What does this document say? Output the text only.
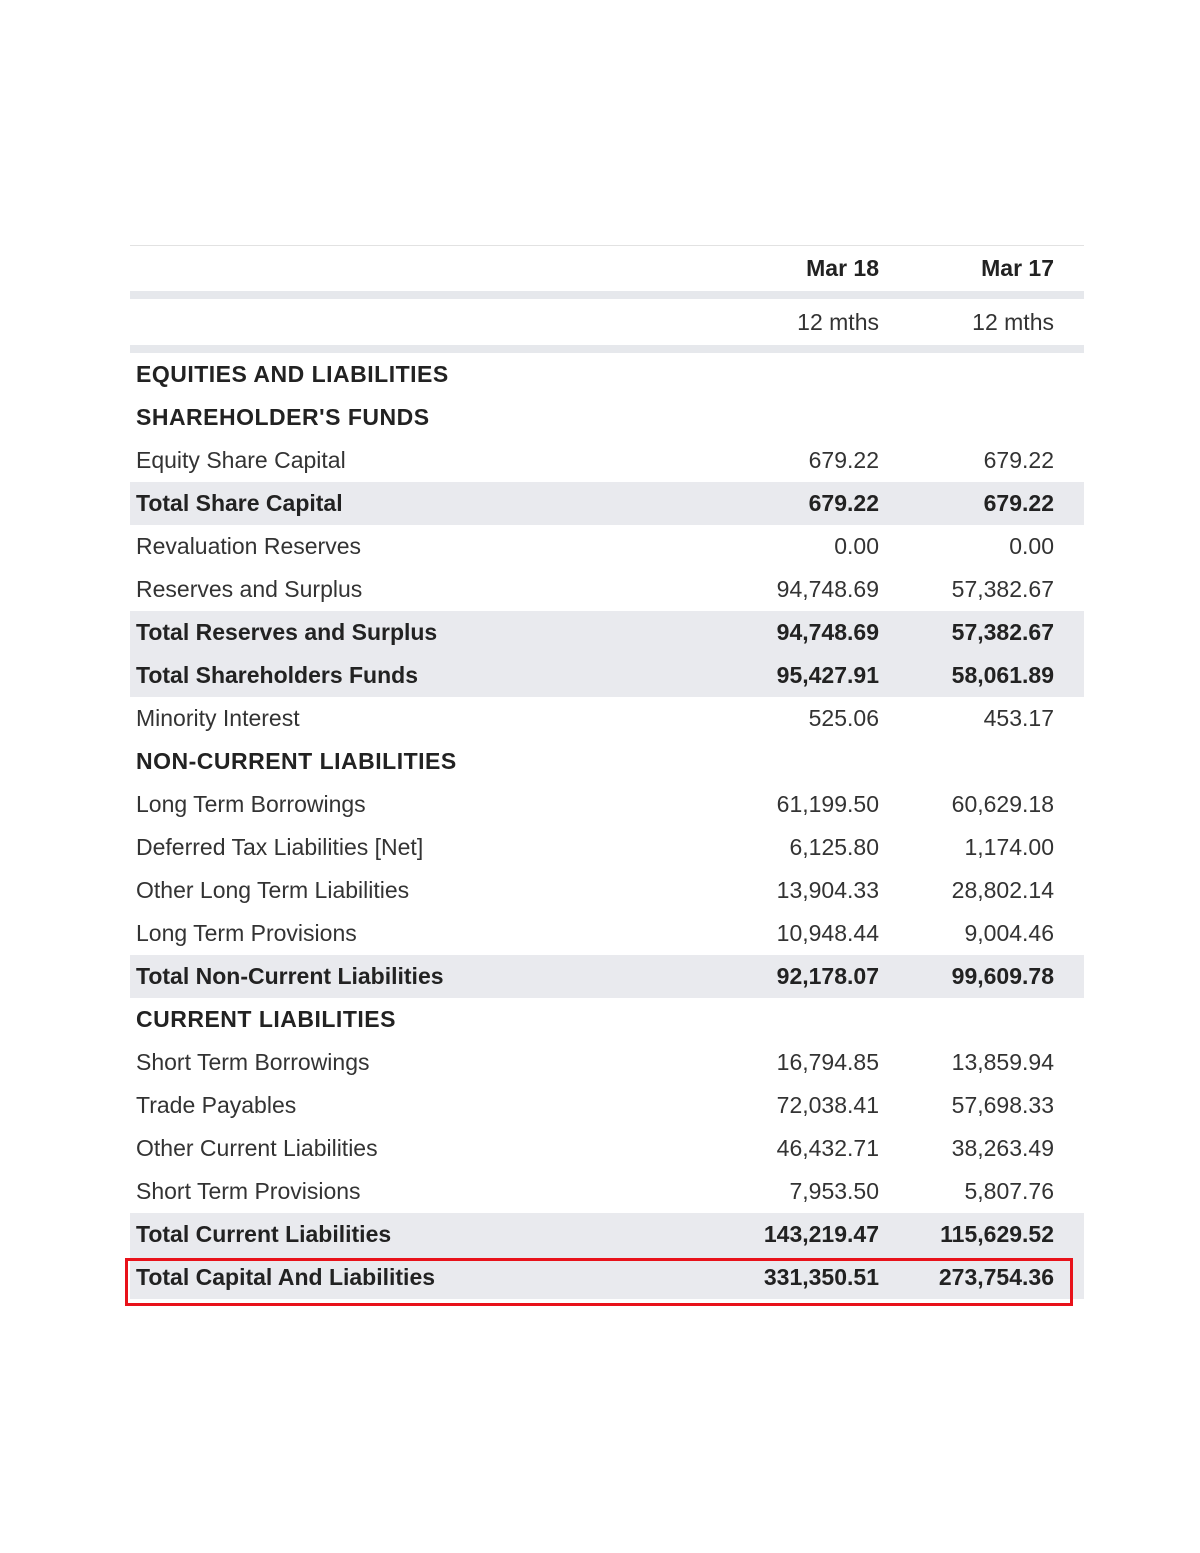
Mar 18	Mar 17
12 mths	12 mths
EQUITIES AND LIABILITIES
SHAREHOLDER'S FUNDS
Equity Share Capital	679.22	679.22
Total Share Capital	679.22	679.22
Revaluation Reserves	0.00	0.00
Reserves and Surplus	94,748.69	57,382.67
Total Reserves and Surplus	94,748.69	57,382.67
Total Shareholders Funds	95,427.91	58,061.89
Minority Interest	525.06	453.17
NON-CURRENT LIABILITIES
Long Term Borrowings	61,199.50	60,629.18
Deferred Tax Liabilities [Net]	6,125.80	1,174.00
Other Long Term Liabilities	13,904.33	28,802.14
Long Term Provisions	10,948.44	9,004.46
Total Non-Current Liabilities	92,178.07	99,609.78
CURRENT LIABILITIES
Short Term Borrowings	16,794.85	13,859.94
Trade Payables	72,038.41	57,698.33
Other Current Liabilities	46,432.71	38,263.49
Short Term Provisions	7,953.50	5,807.76
Total Current Liabilities	143,219.47	115,629.52
Total Capital And Liabilities	331,350.51	273,754.36
